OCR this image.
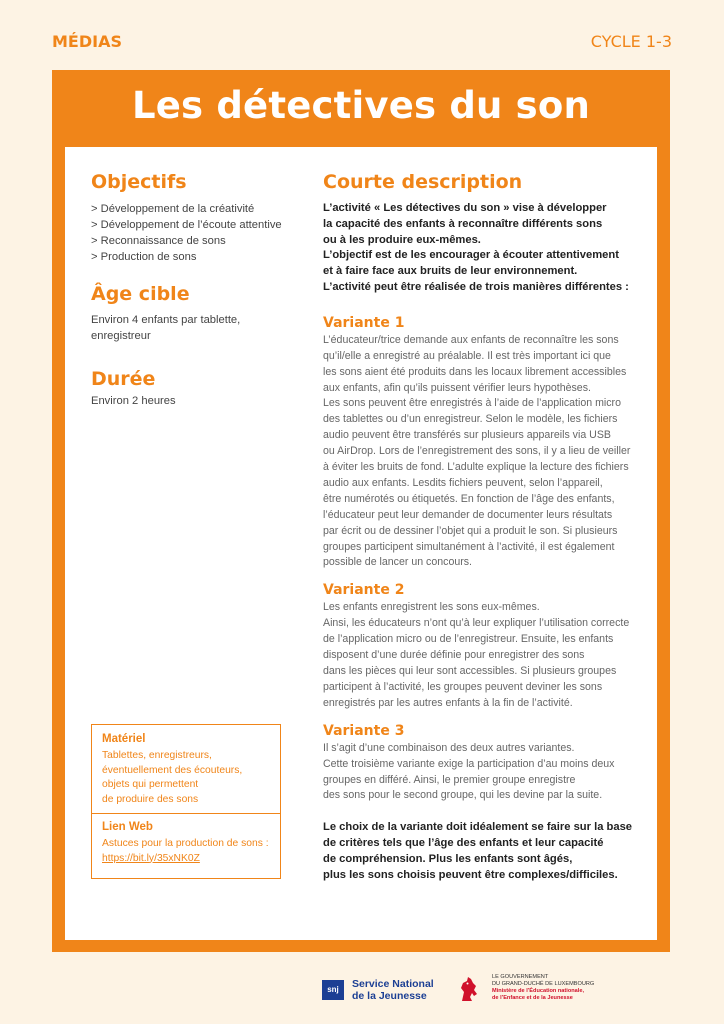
MÉDIAS	CYCLE 1-3
Les détectives du son
Objectifs
> Développement de la créativité
> Développement de l’écoute attentive
> Reconnaissance de sons
> Production de sons
Âge cible
Environ 4 enfants par tablette,
enregistreur
Durée
Environ 2 heures
Matériel
Tablettes, enregistreurs,
éventuellement des écouteurs,
objets qui permettent
de produire des sons
Lien Web
Astuces pour la production de sons :
https://bit.ly/35xNK0Z
Courte description
L’activité « Les détectives du son » vise à développer
la capacité des enfants à reconnaître différents sons
ou à les produire eux-mêmes.
L’objectif est de les encourager à écouter attentivement
et à faire face aux bruits de leur environnement.
L’activité peut être réalisée de trois manières différentes :
Variante 1
L’éducateur/trice demande aux enfants de reconnaître les sons
qu’il/elle a enregistré au préalable. Il est très important ici que
les sons aient été produits dans les locaux librement accessibles
aux enfants, afin qu’ils puissent vérifier leurs hypothèses.
Les sons peuvent être enregistrés à l’aide de l’application micro
des tablettes ou d’un enregistreur. Selon le modèle, les fichiers
audio peuvent être transférés sur plusieurs appareils via USB
ou AirDrop. Lors de l’enregistrement des sons, il y a lieu de veiller
à éviter les bruits de fond. L’adulte explique la lecture des fichiers
audio aux enfants. Lesdits fichiers peuvent, selon l’appareil,
être numérotés ou étiquetés. En fonction de l’âge des enfants,
l’éducateur peut leur demander de documenter leurs résultats
par écrit ou de dessiner l’objet qui a produit le son. Si plusieurs
groupes participent simultanément à l’activité, il est également
possible de lancer un concours.
Variante 2
Les enfants enregistrent les sons eux-mêmes.
Ainsi, les éducateurs n’ont qu’à leur expliquer l’utilisation correcte
de l’application micro ou de l’enregistreur. Ensuite, les enfants
disposent d’une durée définie pour enregistrer des sons
dans les pièces qui leur sont accessibles. Si plusieurs groupes
participent à l’activité, les groupes peuvent deviner les sons
enregistrés par les autres enfants à la fin de l’activité.
Variante 3
Il s’agit d’une combinaison des deux autres variantes.
Cette troisième variante exige la participation d’au moins deux
groupes en différé. Ainsi, le premier groupe enregistre
des sons pour le second groupe, qui les devine par la suite.
Le choix de la variante doit idéalement se faire sur la base
de critères tels que l’âge des enfants et leur capacité
de compréhension. Plus les enfants sont âgés,
plus les sons choisis peuvent être complexes/difficiles.
snj	Service National
de la Jeunesse
LE GOUVERNEMENT
DU GRAND-DUCHÉ DE LUXEMBOURG
Ministère de l’Éducation nationale,
de l’Enfance et de la Jeunesse
